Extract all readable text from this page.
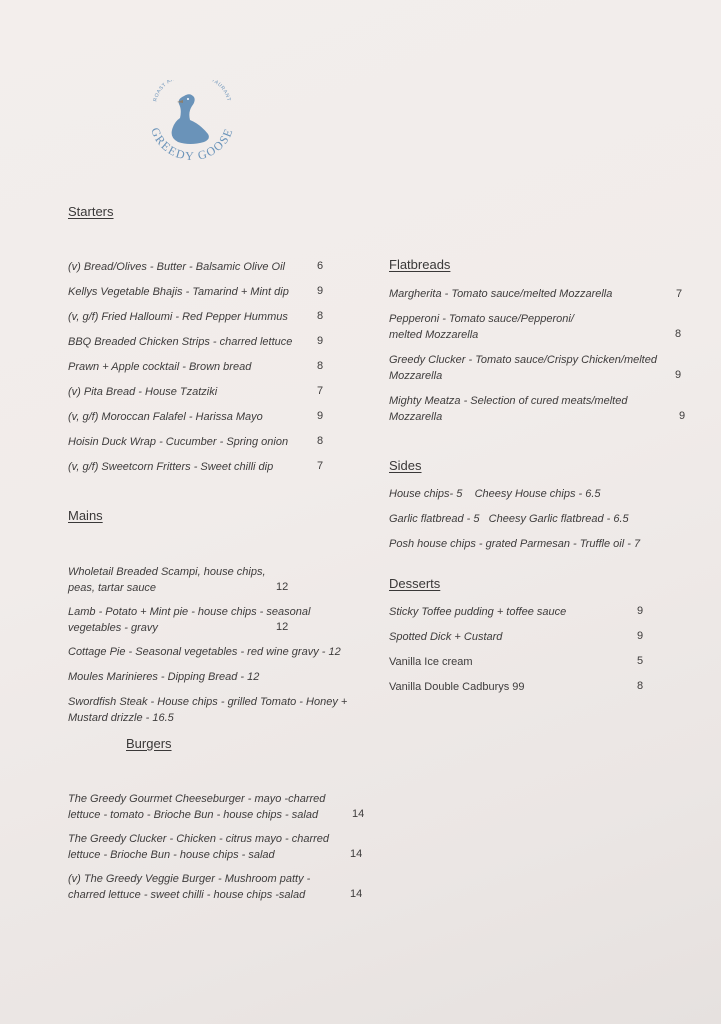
ROAST A TAURANT
GREEDY GOOSE
Starters
(v) Bread/Olives - Butter - Balsamic Olive Oil	6
Kellys Vegetable Bhajis - Tamarind + Mint dip	9
(v, g/f) Fried Halloumi - Red Pepper Hummus	8
BBQ Breaded Chicken Strips - charred lettuce 9
Prawn + Apple cocktail - Brown bread	8
(v) Pita Bread - House Tzatziki	7
(v, g/f) Moroccan Falafel - Harissa Mayo	9
Hoisin Duck Wrap - Cucumber - Spring onion	8
(v, g/f) Sweetcorn Fritters - Sweet chilli dip	7
Mains
Wholetail Breaded Scampi, house chips,
peas, tartar sauce	12
Lamb - Potato + Mint pie - house chips - seasonal
vegetables - gravy	12
Cottage Pie - Seasonal vegetables - red wine gravy - 12
Moules Marinieres - Dipping Bread - 12
Swordfish Steak - House chips - grilled Tomato - Honey +
Mustard drizzle - 16.5
Burgers
The Greedy Gourmet Cheeseburger - mayo -charred
lettuce - tomato - Brioche Bun - house chips - salad	14
The Greedy Clucker - Chicken - citrus mayo - charred
lettuce - Brioche Bun - house chips - salad	14
(v) The Greedy Veggie Burger - Mushroom patty -
charred lettuce - sweet chilli - house chips -salad	14
Flatbreads
Margherita - Tomato sauce/melted Mozzarella	7
Pepperoni - Tomato sauce/Pepperoni/
melted Mozzarella	8
Greedy Clucker - Tomato sauce/Crispy Chicken/melted
Mozzarella	9
Mighty Meatza - Selection of cured meats/melted
Mozzarella	9
Sides
House chips- 5    Cheesy House chips - 6.5
Garlic flatbread - 5   Cheesy Garlic flatbread - 6.5
Posh house chips - grated Parmesan - Truffle oil - 7
Desserts
Sticky Toffee pudding + toffee sauce	9
Spotted Dick + Custard	9
Vanilla Ice cream	5
Vanilla Double Cadburys 99	8
